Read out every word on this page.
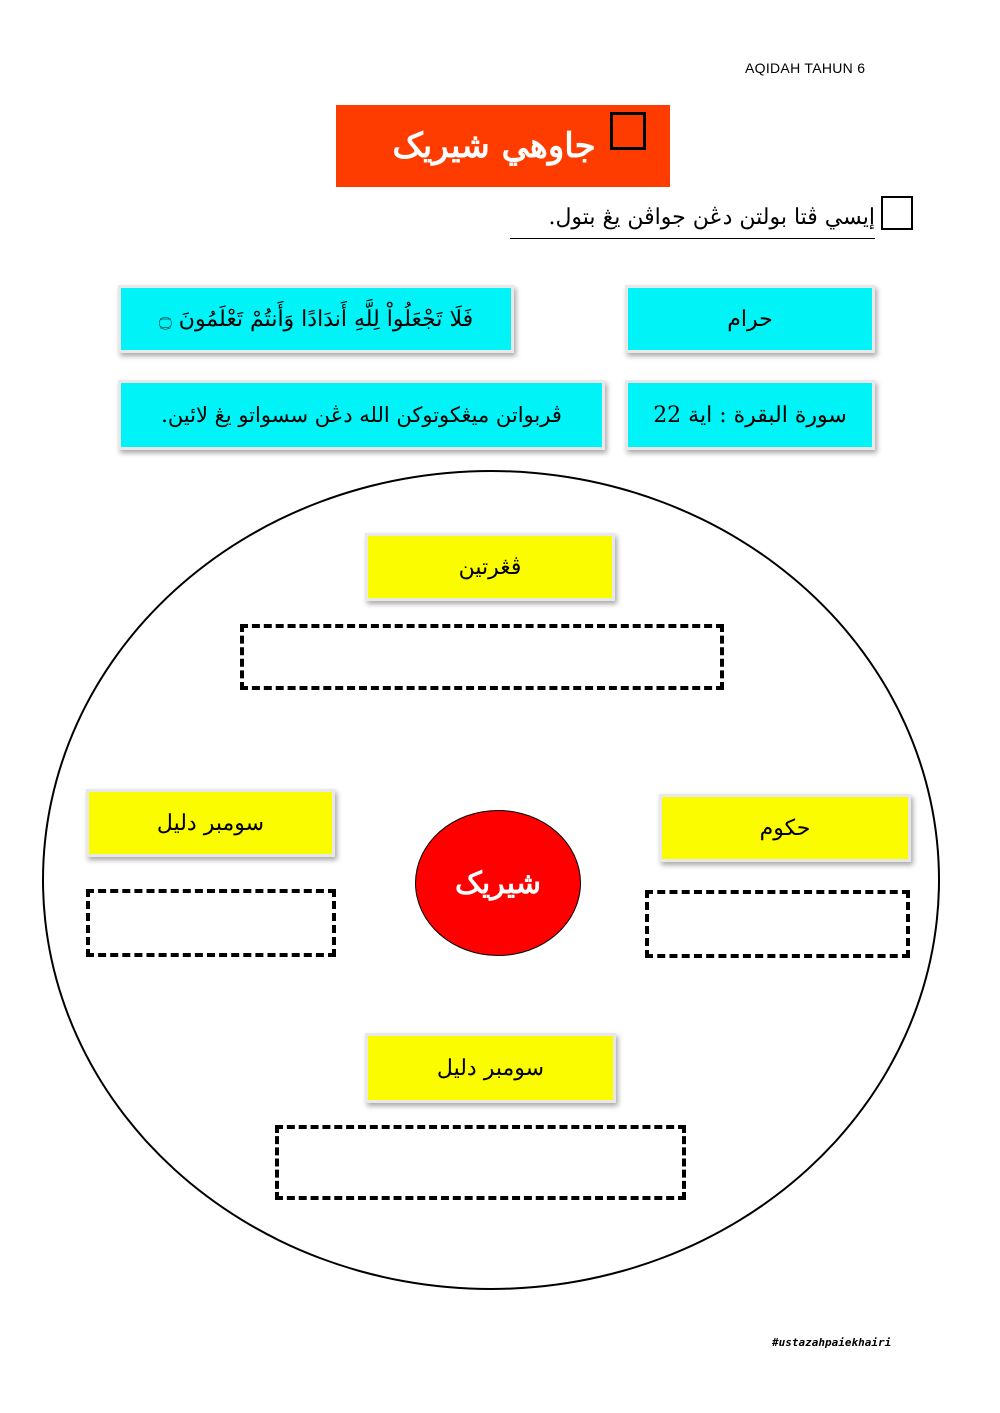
AQIDAH TAHUN 6
جاوهي شيريک
إيسي ڤتا بولتن دڠن جواڤن يڠ بتول.
فَلَا تَجْعَلُواْ لِلَّهِ أَندَادًا وَأَنتُمْ تَعْلَمُونَ ۝	حرام
ڤربواتن ميڠکوتوکن الله دڠن سسواتو يڠ لائين.	سورة البقرة : اية 22
ڤڠرتين
سومبر دليل	حکوم
شيريک
سومبر دليل
#ustazahpaiekhairi
